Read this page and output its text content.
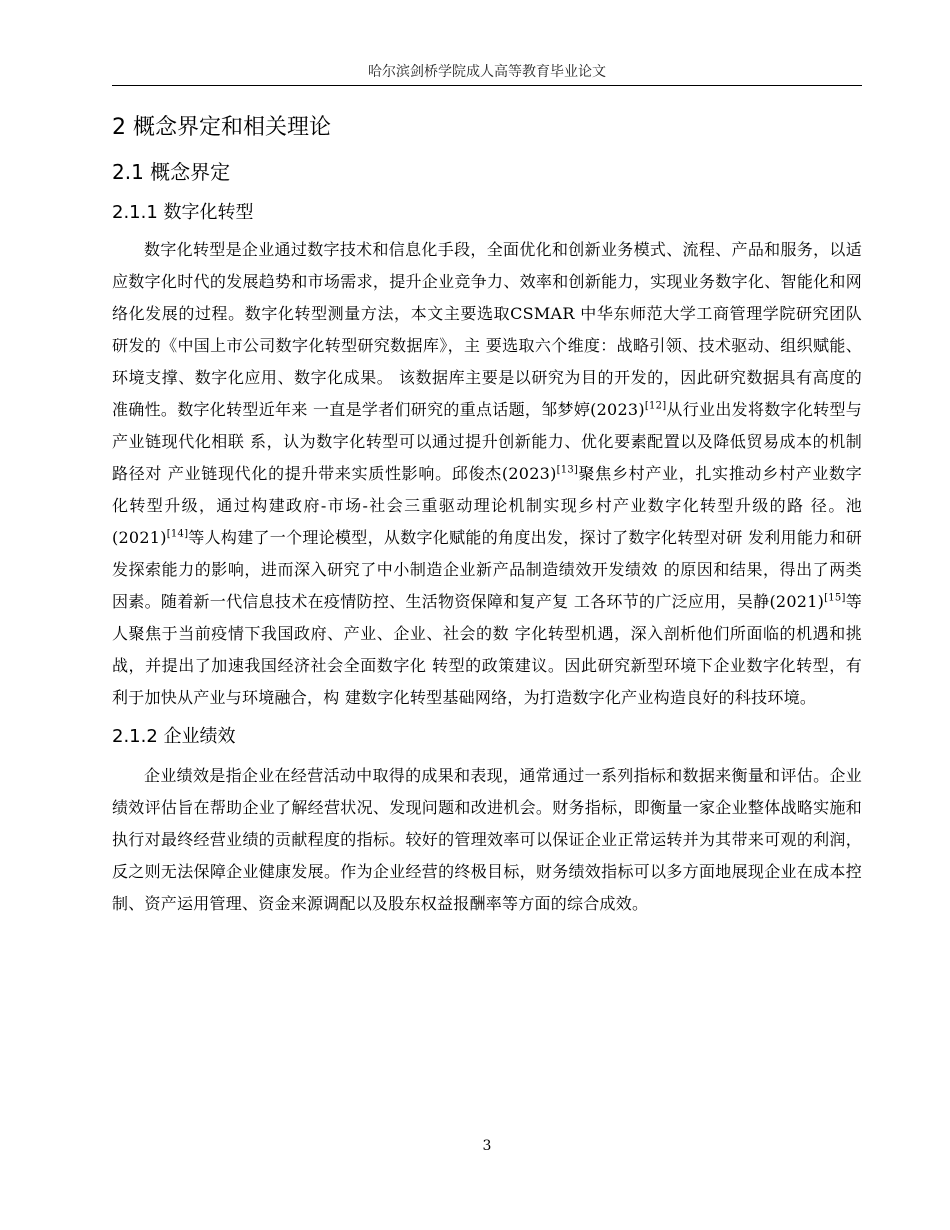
哈尔滨剑桥学院成人高等教育毕业论文
2 概念界定和相关理论
2.1 概念界定
2.1.1 数字化转型

数字化转型是企业通过数字技术和信息化手段，全面优化和创新业务模式、流程、产品和服务，以适应数字化时代的发展趋势和市场需求，提升企业竞争力、效率和创新能力，实现业务数字化、智能化和网络化发展的过程。数字化转型测量方法，本文主要选取CSMAR 中华东师范大学工商管理学院研究团队研发的《中国上市公司数字化转型研究数据库》，主 要选取六个维度：战略引领、技术驱动、组织赋能、环境支撑、数字化应用、数字化成果。 该数据库主要是以研究为目的开发的，因此研究数据具有高度的准确性。数字化转型近年来 一直是学者们研究的重点话题，邹梦婷(2023)[12]从行业出发将数字化转型与产业链现代化相联 系，认为数字化转型可以通过提升创新能力、优化要素配置以及降低贸易成本的机制路径对 产业链现代化的提升带来实质性影响。邱俊杰(2023)[13]聚焦乡村产业，扎实推动乡村产业数字 化转型升级，通过构建政府-市场-社会三重驱动理论机制实现乡村产业数字化转型升级的路 径。池(2021)[14]等人构建了一个理论模型，从数字化赋能的角度出发，探讨了数字化转型对研 发利用能力和研发探索能力的影响，进而深入研究了中小制造企业新产品制造绩效开发绩效 的原因和结果，得出了两类因素。随着新一代信息技术在疫情防控、生活物资保障和复产复 工各环节的广泛应用，吴静(2021)[15]等人聚焦于当前疫情下我国政府、产业、企业、社会的数 字化转型机遇，深入剖析他们所面临的机遇和挑战，并提出了加速我国经济社会全面数字化 转型的政策建议。因此研究新型环境下企业数字化转型，有利于加快从产业与环境融合，构 建数字化转型基础网络，为打造数字化产业构造良好的科技环境。

2.1.2 企业绩效

企业绩效是指企业在经营活动中取得的成果和表现，通常通过一系列指标和数据来衡量和评估。企业绩效评估旨在帮助企业了解经营状况、发现问题和改进机会。财务指标，即衡量一家企业整体战略实施和执行对最终经营业绩的贡献程度的指标。较好的管理效率可以保证企业正常运转并为其带来可观的利润，反之则无法保障企业健康发展。作为企业经营的终极目标，财务绩效指标可以多方面地展现企业在成本控制、资产运用管理、资金来源调配以及股东权益报酬率等方面的综合成效。

3
